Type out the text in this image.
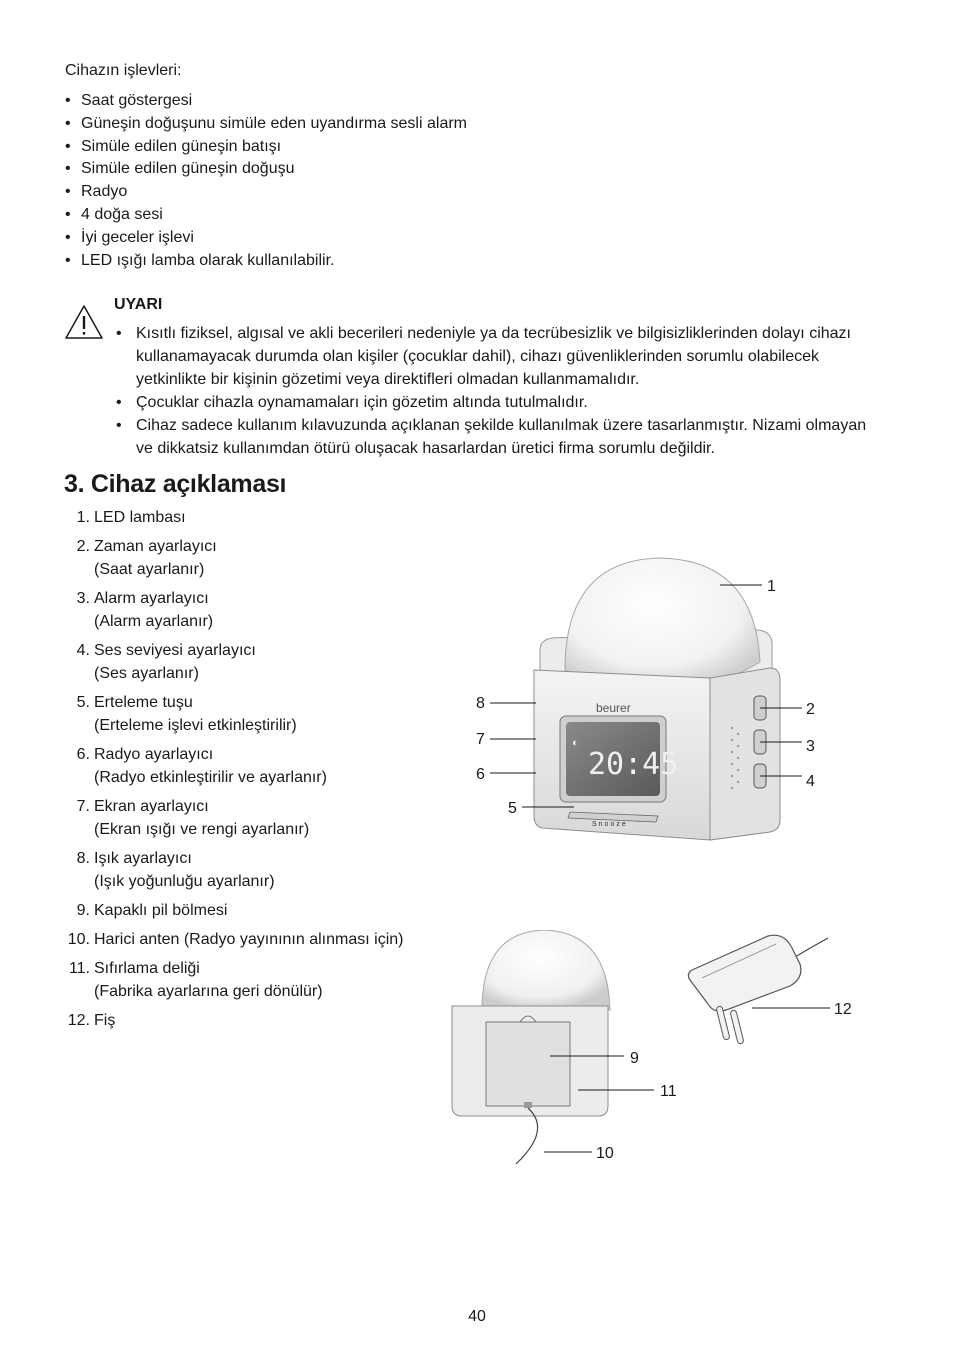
Cihazın işlevleri:
• Saat göstergesi
• Güneşin doğuşunu simüle eden uyandırma sesli alarm
• Simüle edilen güneşin batışı
• Simüle edilen güneşin doğuşu
• Radyo
• 4 doğa sesi
• İyi geceler işlevi
• LED ışığı lamba olarak kullanılabilir.
UYARI
• Kısıtlı fiziksel, algısal ve akli becerileri nedeniyle ya da tecrübesizlik ve bilgisizliklerinden dolayı cihazı kullanamayacak durumda olan kişiler (çocuklar dahil), cihazı güvenliklerinden sorumlu olabilecek yetkinlikte bir kişinin gözetimi veya direktifleri olmadan kullanmamalıdır.
• Çocuklar cihazla oynamamaları için gözetim altında tutulmalıdır.
• Cihaz sadece kullanım kılavuzunda açıklanan şekilde kullanılmak üzere tasarlanmıştır. Nizami olmayan ve dikkatsiz kullanımdan ötürü oluşacak hasarlardan üretici firma sorumlu değildir.
3. Cihaz açıklaması
1. LED lambası
2. Zaman ayarlayıcı
(Saat ayarlanır)
3. Alarm ayarlayıcı
(Alarm ayarlanır)
4. Ses seviyesi ayarlayıcı
(Ses ayarlanır)
5. Erteleme tuşu
(Erteleme işlevi etkinleştirilir)
6. Radyo ayarlayıcı
(Radyo etkinleştirilir ve ayarlanır)
7. Ekran ayarlayıcı
(Ekran ışığı ve rengi ayarlanır)
8. Işık ayarlayıcı
(Işık yoğunluğu ayarlanır)
9. Kapaklı pil bölmesi
10. Harici anten (Radyo yayınının alınması için)
11. Sıfırlama deliği
(Fabrika ayarlarına geri dönülür)
12. Fiş
beurer
20:45
◐
Snooze
1
2
3
4
5
6
7
8
9
11
10
12
40
